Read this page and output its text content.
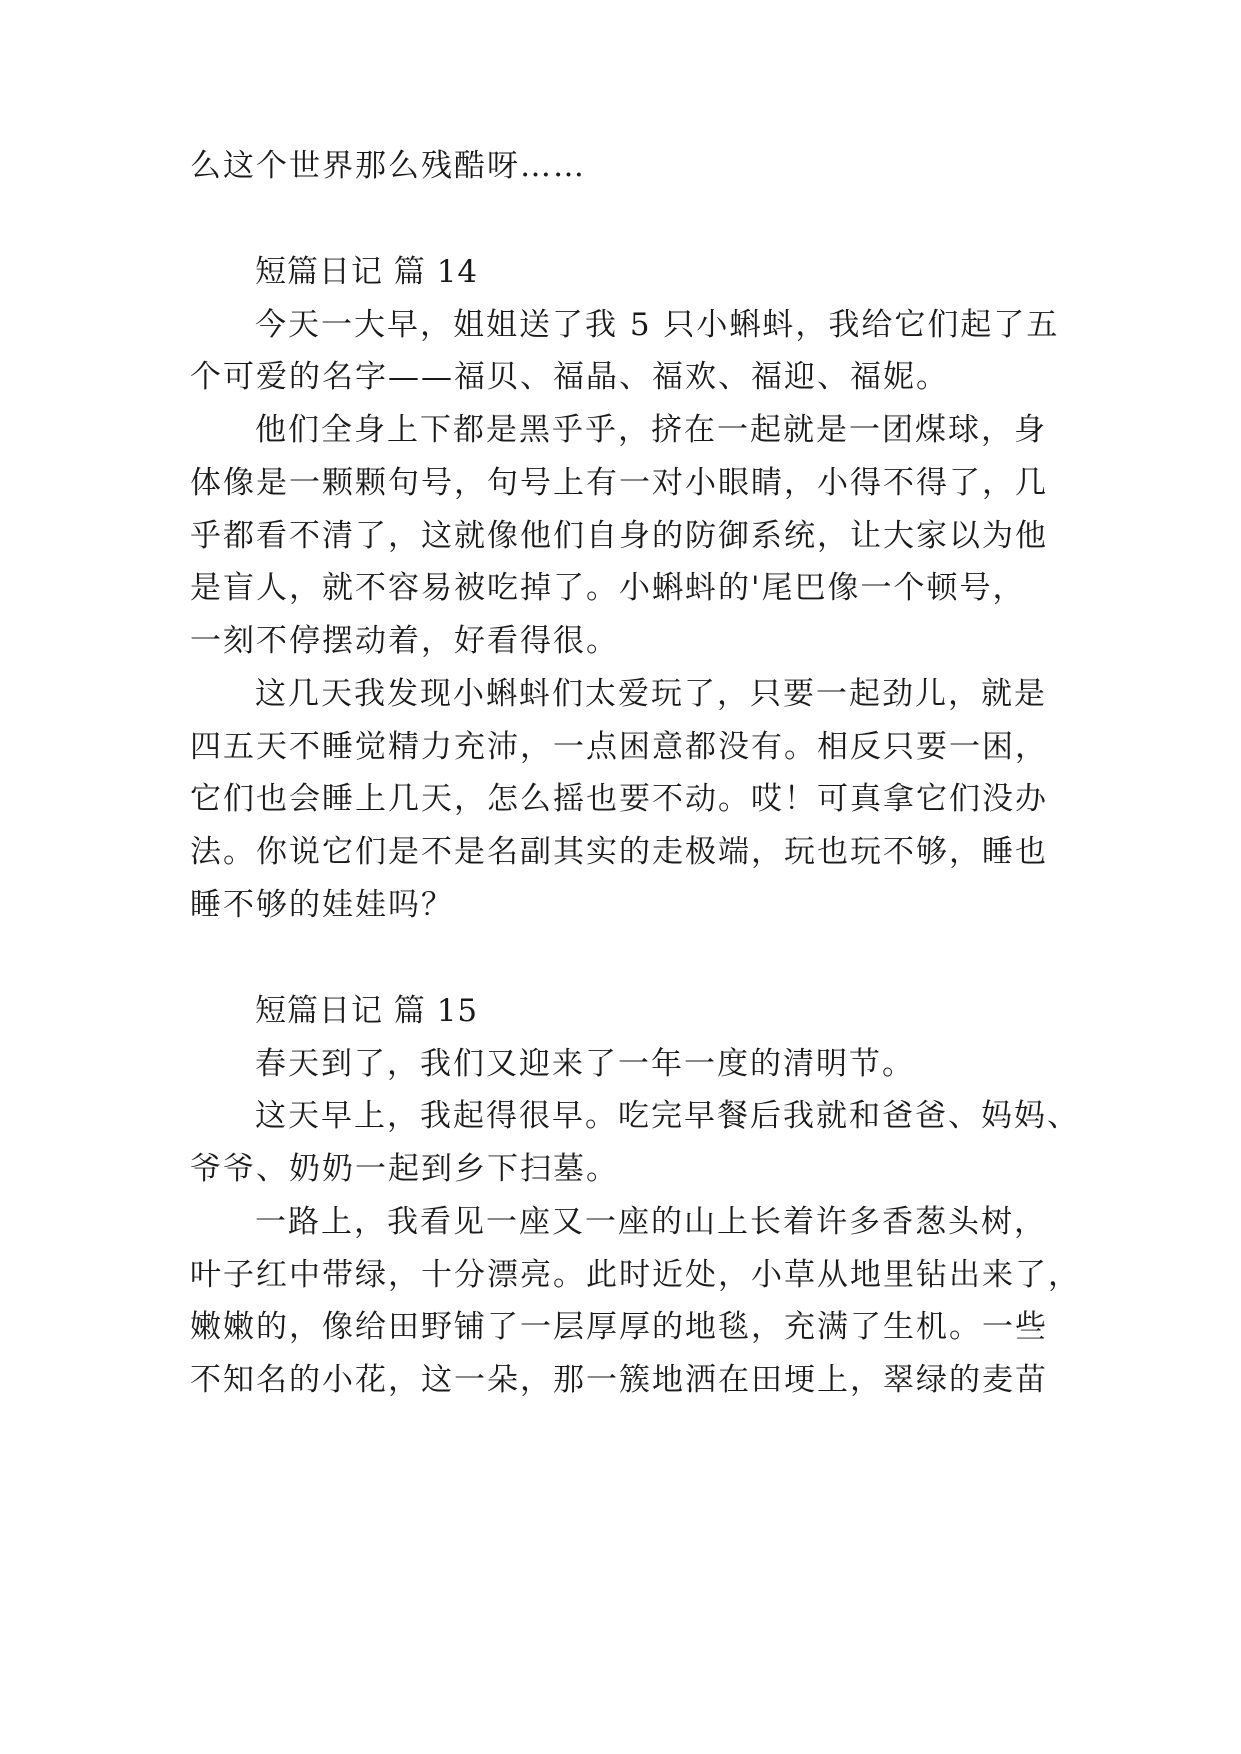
么这个世界那么残酷呀……

短篇日记 篇 14

今天一大早，姐姐送了我 5 只小蝌蚪，我给它们起了五

个可爱的名字——福贝、福晶、福欢、福迎、福妮。

他们全身上下都是黑乎乎，挤在一起就是一团煤球，身

体像是一颗颗句号，句号上有一对小眼睛，小得不得了，几

乎都看不清了，这就像他们自身的防御系统，让大家以为他

是盲人，就不容易被吃掉了。小蝌蚪的'尾巴像一个顿号，

一刻不停摆动着，好看得很。

这几天我发现小蝌蚪们太爱玩了，只要一起劲儿，就是

四五天不睡觉精力充沛，一点困意都没有。相反只要一困，

它们也会睡上几天，怎么摇也要不动。哎！可真拿它们没办

法。你说它们是不是名副其实的走极端，玩也玩不够，睡也

睡不够的娃娃吗？

短篇日记 篇 15

春天到了，我们又迎来了一年一度的清明节。

这天早上，我起得很早。吃完早餐后我就和爸爸、妈妈、

爷爷、奶奶一起到乡下扫墓。

一路上，我看见一座又一座的山上长着许多香葱头树，

叶子红中带绿，十分漂亮。此时近处，小草从地里钻出来了，

嫩嫩的，像给田野铺了一层厚厚的地毯，充满了生机。一些

不知名的小花，这一朵，那一簇地洒在田埂上，翠绿的麦苗
